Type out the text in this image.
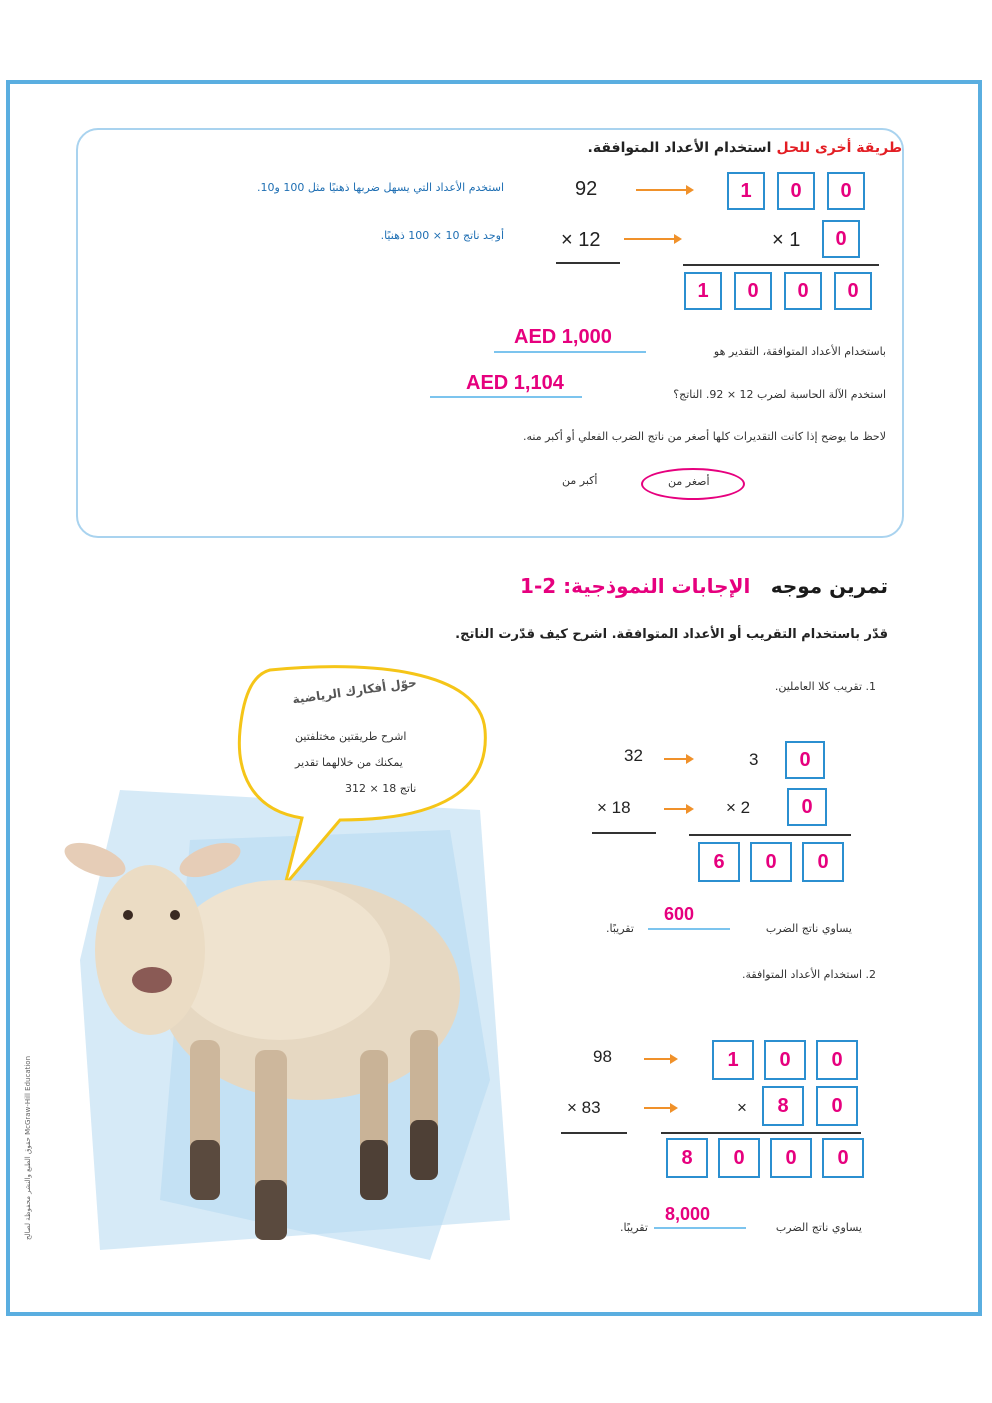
طريقة أخرى للحل استخدام الأعداد المتوافقة.
استخدم الأعداد التي يسهل ضربها ذهنيًا مثل 100 و10.
أوجد ناتج 10 × 100 ذهنيًا.
92
× 12
1	0	0
× 1	0
1	0	0	0
باستخدام الأعداد المتوافقة، التقدير هو
AED 1,000
استخدم الآلة الحاسبة لضرب 12 × 92. الناتج؟
AED 1,104
لاحظ ما يوضح إذا كانت التقديرات كلها أصغر من ناتج الضرب الفعلي أو أكبر منه.
أكبر من	أصغر من
تمرين موجه    الإجابات النموذجية: 2-1
قدّر باستخدام التقريب أو الأعداد المتوافقة. اشرح كيف قدّرت الناتج.
1. تقريب كلا العاملين.
32
× 18
3	0
× 2	0
6	0	0
يساوي ناتج الضرب
600
تقريبًا.
2. استخدام الأعداد المتوافقة.
98
× 83
1	0	0
×	8	0
8	0	0	0
يساوي ناتج الضرب
8,000
تقريبًا.
حوّل أفكارك الرياضية
اشرح طريقتين مختلفتين
يمكنك من خلالهما تقدير
ناتج 18 × 312
حقوق الطبع والنشر محفوظة لصالح McGraw-Hill Education
